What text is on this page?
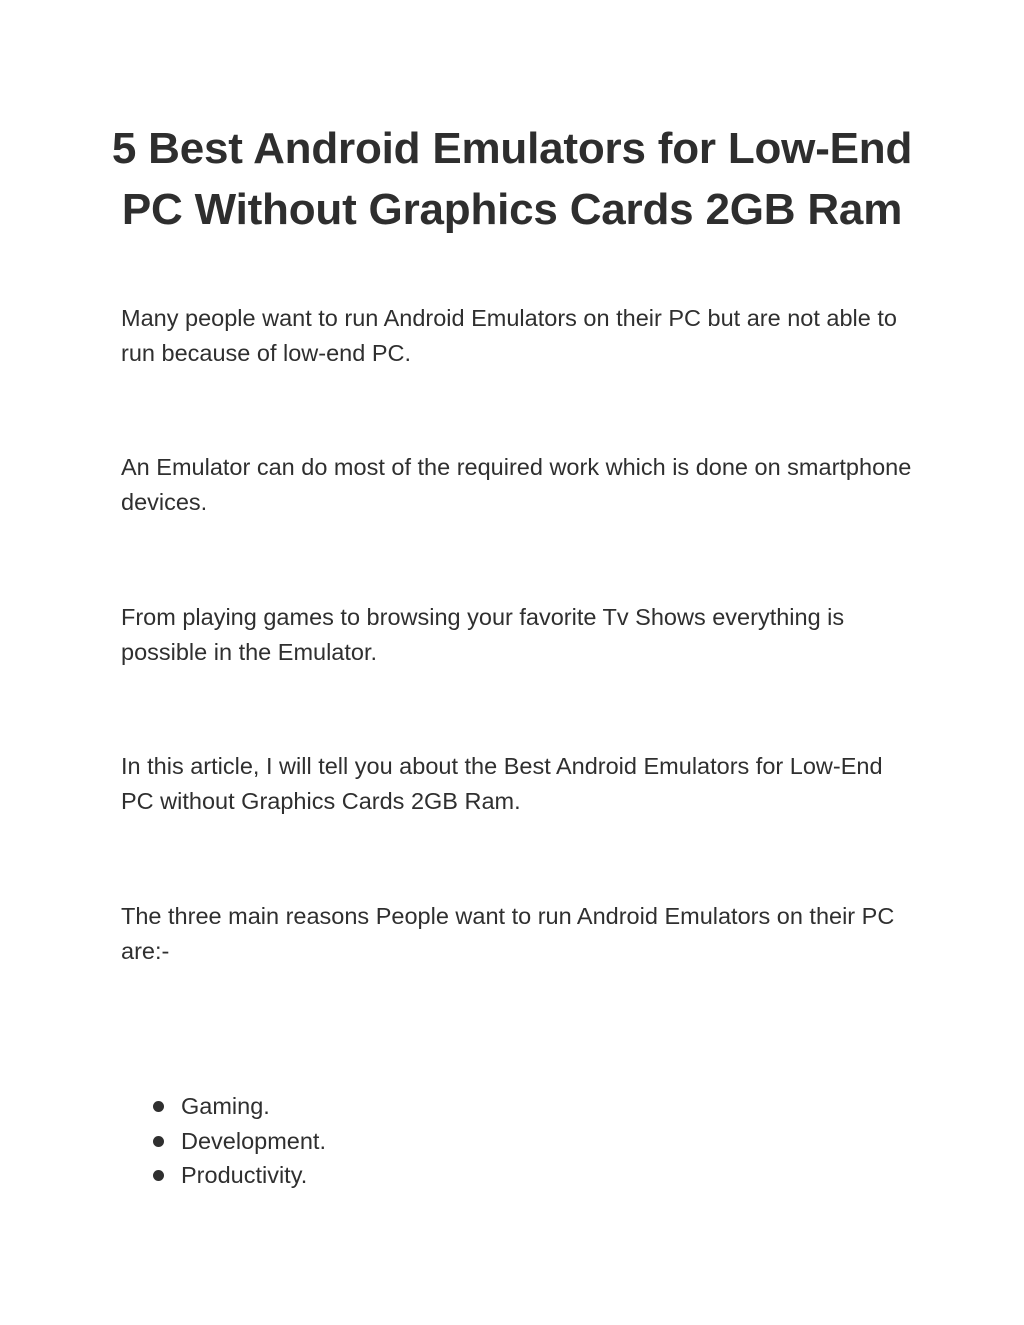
5 Best Android Emulators for Low-End PC Without Graphics Cards 2GB Ram

Many people want to run Android Emulators on their PC but are not able to run because of low-end PC.

An Emulator can do most of the required work which is done on smartphone devices.

From playing games to browsing your favorite Tv Shows everything is possible in the Emulator.

In this article, I will tell you about the Best Android Emulators for Low-End PC without Graphics Cards 2GB Ram.

The three main reasons People want to run Android Emulators on their PC are:-

Gaming.
Development.
Productivity.
